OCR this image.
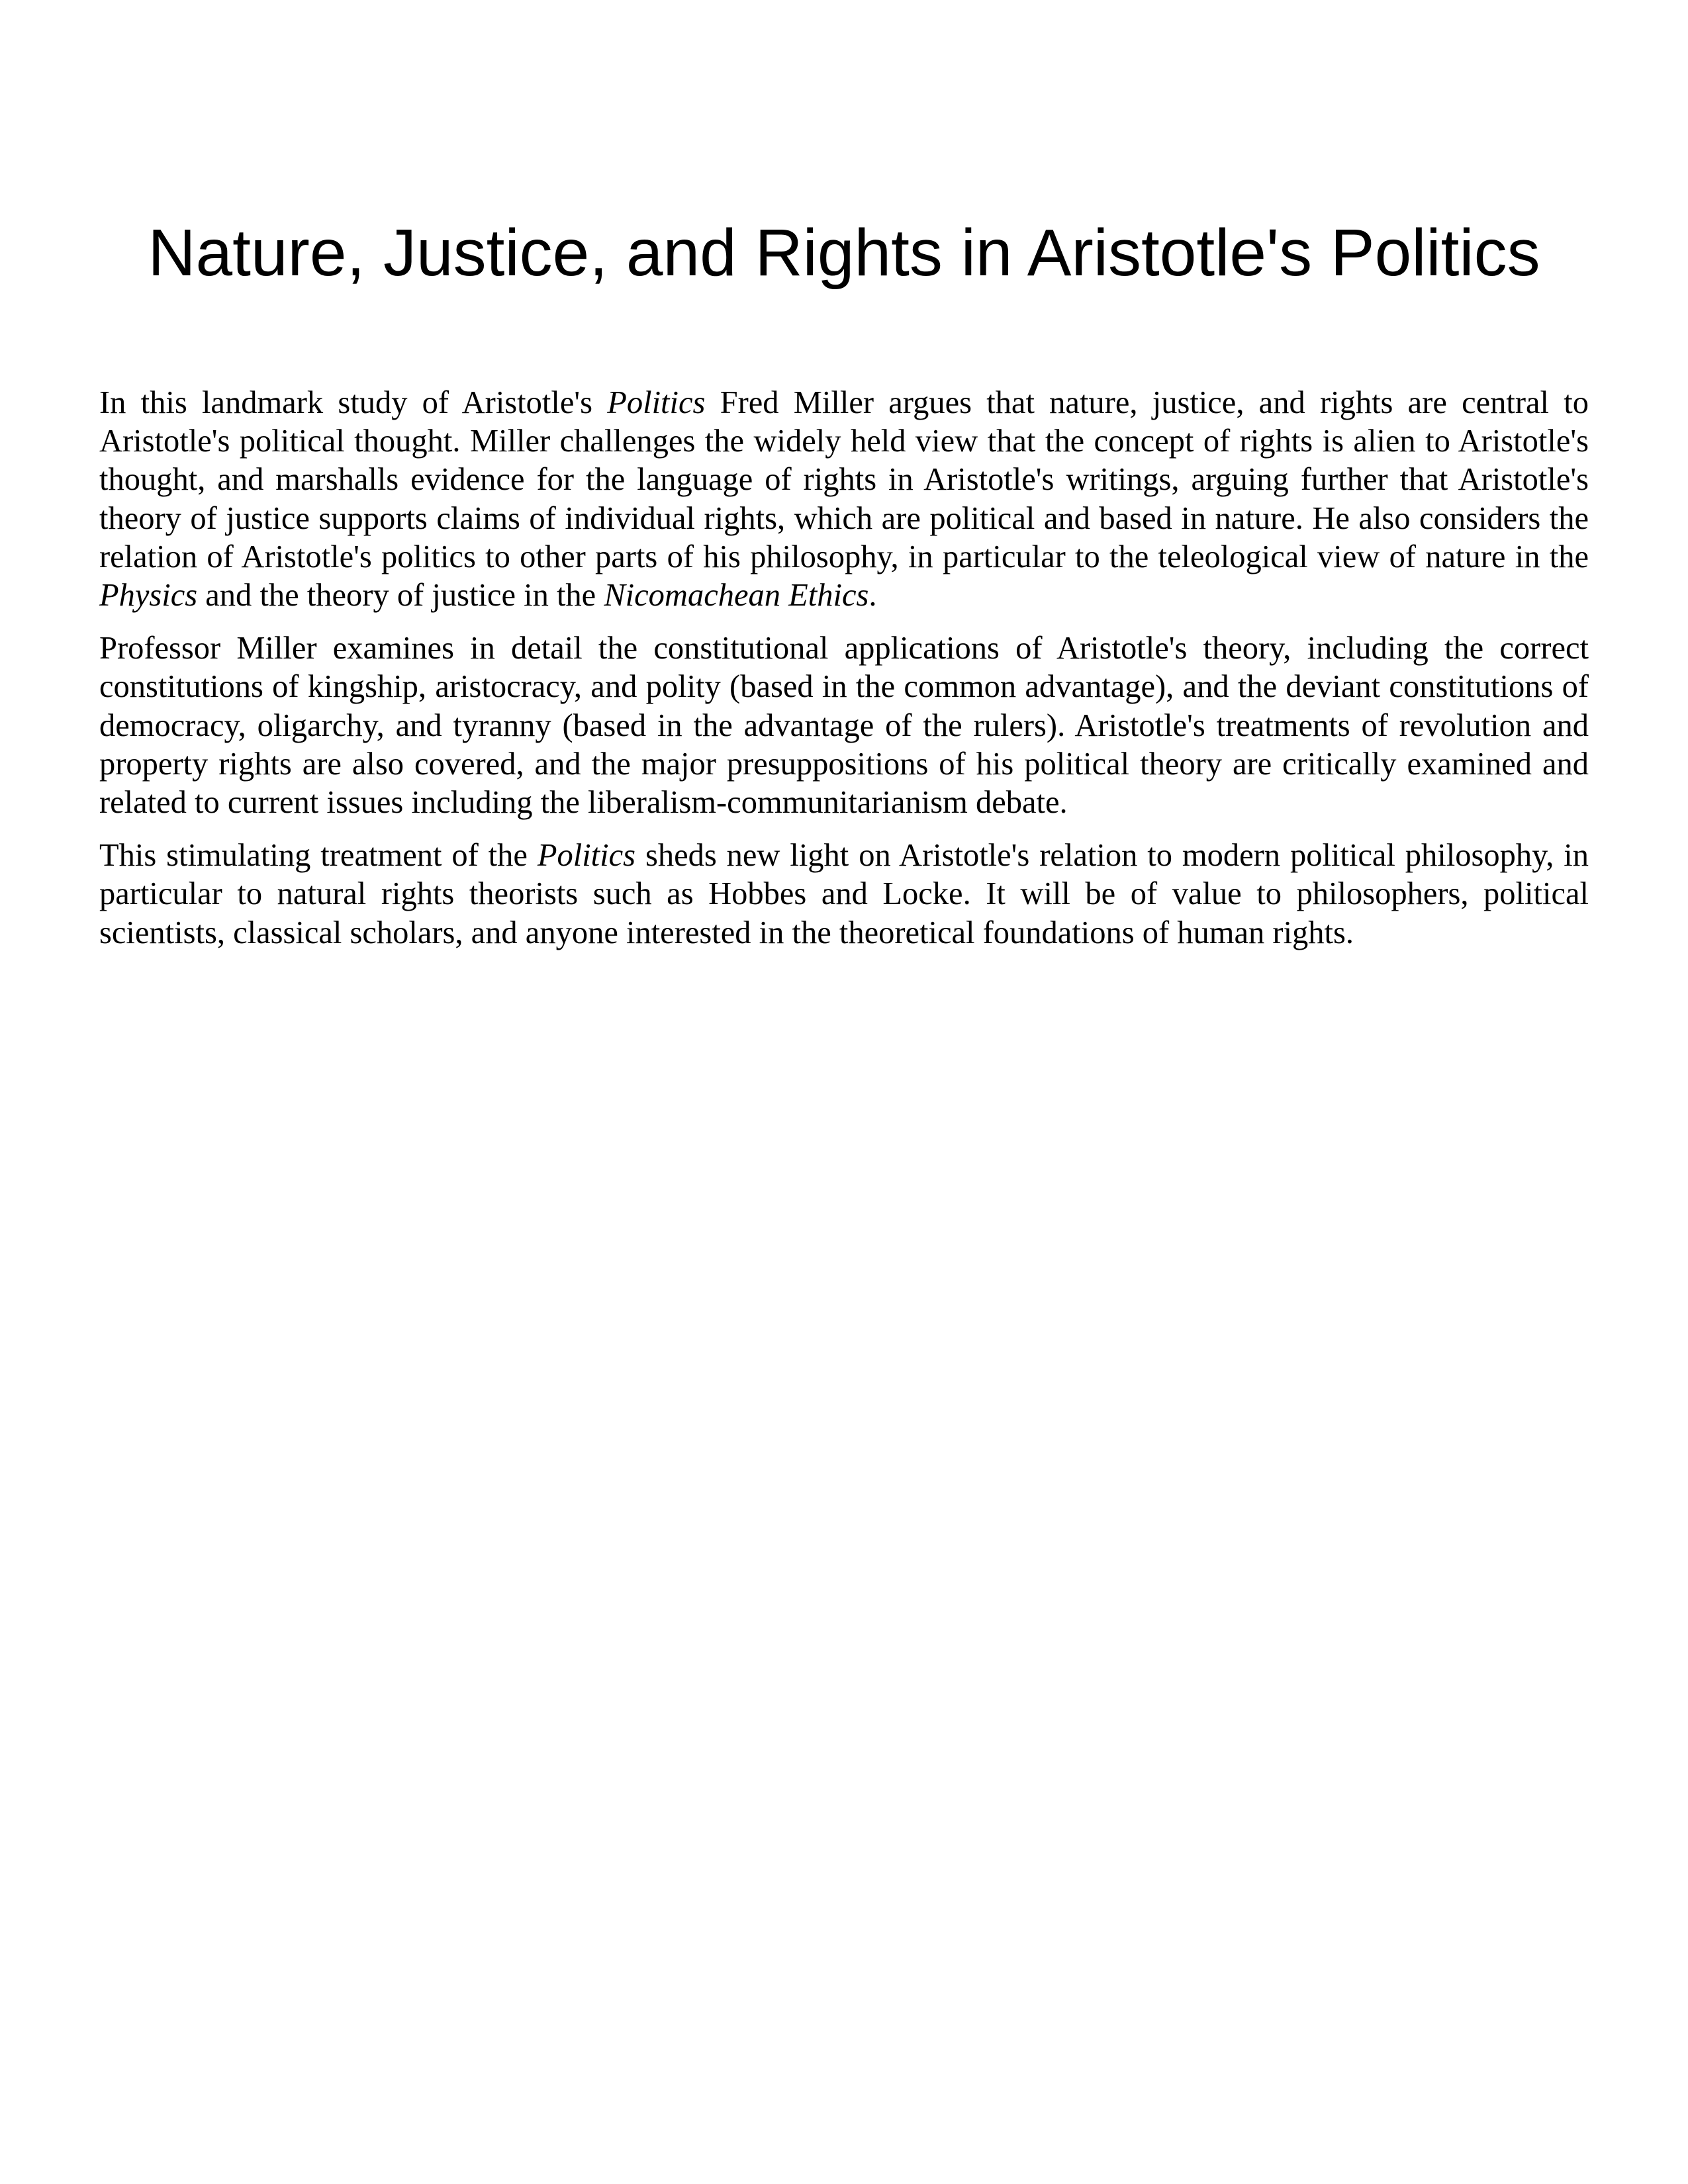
Nature, Justice, and Rights in Aristotle's Politics

In this landmark study of Aristotle's Politics Fred Miller argues that nature, justice, and rights are central to Aristotle's political thought. Miller challenges the widely held view that the concept of rights is alien to Aristotle's thought, and marshalls evidence for the language of rights in Aristotle's writings, arguing further that Aristotle's theory of justice supports claims of individual rights, which are political and based in nature. He also considers the relation of Aristotle's politics to other parts of his philosophy, in particular to the teleological view of nature in the Physics and the theory of justice in the Nicomachean Ethics.

Professor Miller examines in detail the constitutional applications of Aristotle's theory, including the correct constitutions of kingship, aristocracy, and polity (based in the common advantage), and the deviant constitutions of democracy, oligarchy, and tyranny (based in the advantage of the rulers). Aristotle's treatments of revolution and property rights are also covered, and the major presuppositions of his political theory are critically examined and related to current issues including the liberalism-communitarianism debate.

This stimulating treatment of the Politics sheds new light on Aristotle's relation to modern political philosophy, in particular to natural rights theorists such as Hobbes and Locke. It will be of value to philosophers, political scientists, classical scholars, and anyone interested in the theoretical foundations of human rights.
